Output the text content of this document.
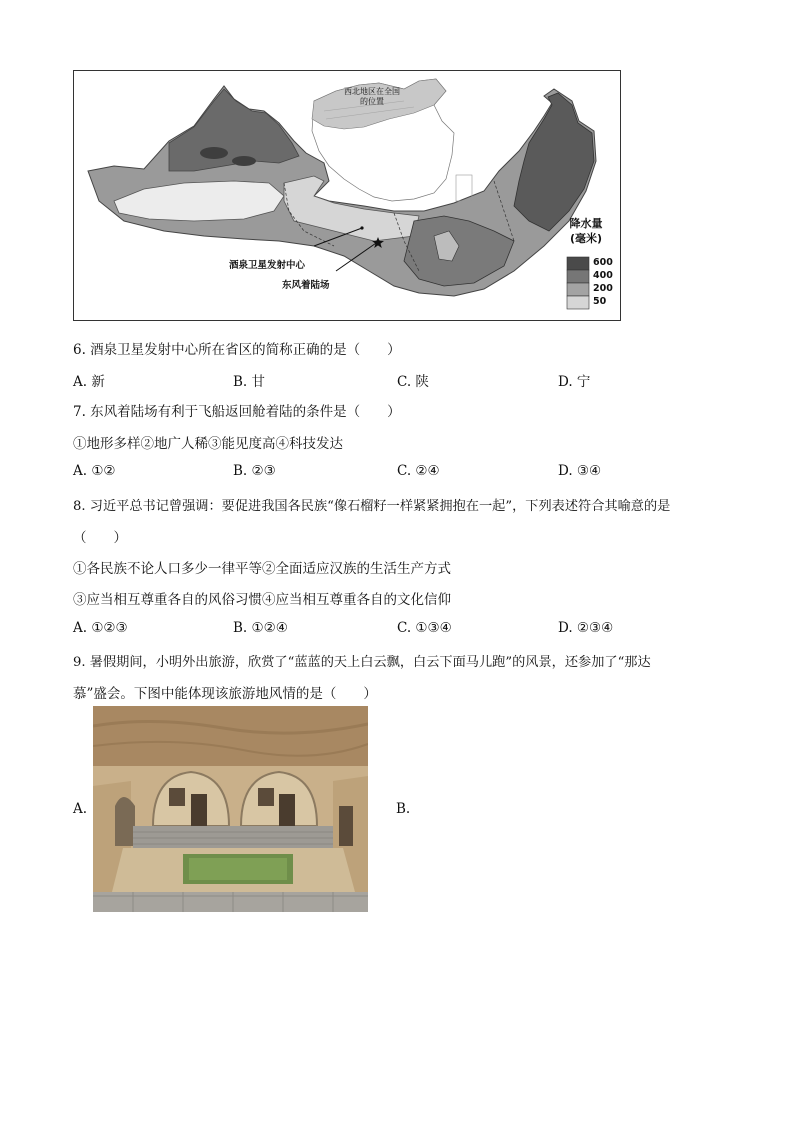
西北地区在全国的位置
酒泉卫星发射中心
东风着陆场
降水量
(毫米)
600
400
200
50
6. 酒泉卫星发射中心所在省区的简称正确的是（　　）
A. 新	B. 甘	C. 陕	D. 宁
7. 东风着陆场有利于飞船返回舱着陆的条件是（　　）
①地形多样②地广人稀③能见度高④科技发达
A. ①②	B. ②③	C. ②④	D. ③④
8. 习近平总书记曾强调：要促进我国各民族“像石榴籽一样紧紧拥抱在一起”，下列表述符合其喻意的是
（　　）
①各民族不论人口多少一律平等②全面适应汉族的生活生产方式
③应当相互尊重各自的风俗习惯④应当相互尊重各自的文化信仰
A. ①②③	B. ①②④	C. ①③④	D. ②③④
9. 暑假期间，小明外出旅游，欣赏了“蓝蓝的天上白云飘，白云下面马儿跑”的风景，还参加了“那达
慕”盛会。下图中能体现该旅游地风情的是（　　）
A.	B.
